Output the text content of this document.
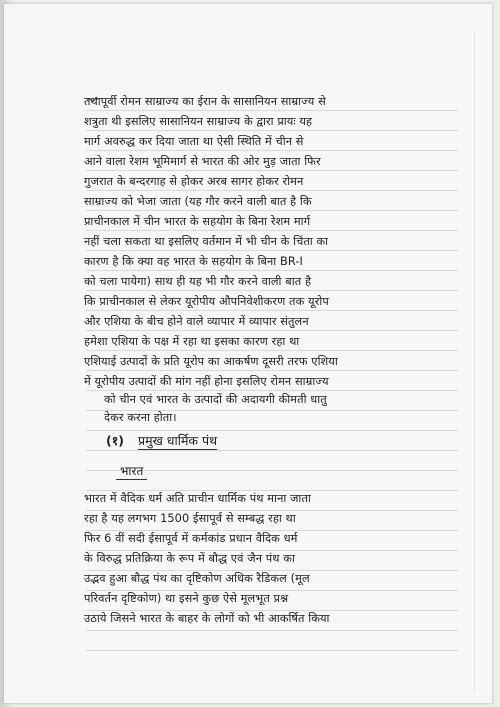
तथापूर्वी रोमन साम्राज्य का ईरान के सासानियन साम्राज्य से
शत्रुता थी इसलिए सासानियन साम्राज्य के द्वारा प्रायः यह
मार्ग अवरुद्ध कर दिया जाता था ऐसी स्थिति में चीन से
आने वाला रेशम भूमिमार्ग से भारत की ओर मुड़ जाता फिर
गुजरात के बन्दरगाह से होकर अरब सागर होकर रोमन
साम्राज्य को भेजा जाता (यह गौर करने वाली बात है कि
प्राचीनकाल में चीन भारत के सहयोग के बिना रेशम मार्ग
नहीं चला सकता था इसलिए वर्तमान में भी चीन के चिंता का
कारण है कि क्या वह भारत के सहयोग के बिना BR-I
को चला पायेगा) साथ ही यह भी गौर करने वाली बात है
कि प्राचीनकाल से लेकर यूरोपीय औपनिवेशीकरण तक यूरोप
और एशिया के बीच होने वाले व्यापार में व्यापार संतुलन
हमेशा एशिया के पक्ष में रहा था इसका कारण रहा था
एशियाई उत्पादों के प्रति यूरोप का आकर्षण दूसरी तरफ एशिया
में यूरोपीय उत्पादों की मांग नहीं होना इसलिए रोमन साम्राज्य
को चीन एवं भारत के उत्पादों की अदायगी कीमती धातु
देकर करना होता।
(१) प्रमुख धार्मिक पंथ
भारत
भारत में वैदिक धर्म अति प्राचीन धार्मिक पंथ माना जाता
रहा है यह लगभग 1500 ईसापूर्व से सम्बद्ध रहा था
फिर 6 वीं सदी ईसापूर्व में कर्मकांड प्रधान वैदिक धर्म
के विरुद्ध प्रतिक्रिया के रूप में बौद्ध एवं जैन पंथ का
उद्भव हुआ बौद्ध पंथ का दृष्टिकोण अधिक रैडिकल (मूल
परिवर्तन दृष्टिकोण) था इसने कुछ ऐसे मूलभूत प्रश्न
उठाये जिसने भारत के बाहर के लोगों को भी आकर्षित किया
